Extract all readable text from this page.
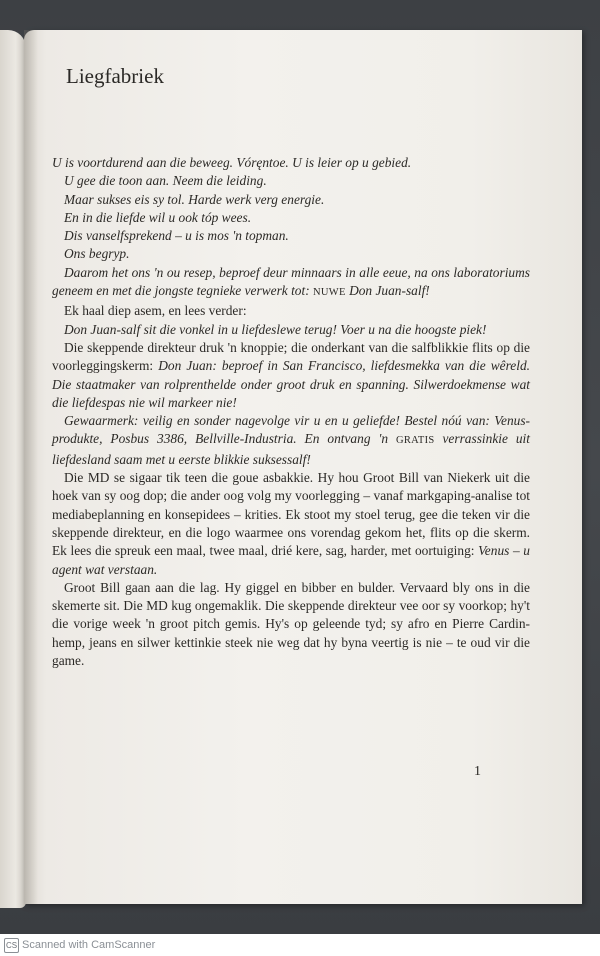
Liegfabriek

U is voortdurend aan die beweeg. Vóręntoe. U is leier op u gebied.

U gee die toon aan. Neem die leiding.

Maar sukses eis sy tol. Harde werk verg energie.

En in die liefde wil u ook tóp wees.

Dis vanselfsprekend – u is mos 'n topman.

Ons begryp.

Daarom het ons 'n ou resep, beproef deur minnaars in alle eeue, na ons laboratoriums geneem en met die jongste tegnieke verwerk tot: NUWE Don Juan-salf!

Ek haal diep asem, en lees verder:

Don Juan-salf sit die vonkel in u liefdeslewe terug! Voer u na die hoogste piek!

Die skeppende direkteur druk 'n knoppie; die onderkant van die salfblikkie flits op die voorleggingskerm: Don Juan: beproef in San Francisco, liefdesmekka van die wêreld. Die staatmaker van rolprenthelde onder groot druk en spanning. Silwerdoekmense wat die liefdespas nie wil markeer nie!

Gewaarmerk: veilig en sonder nagevolge vir u en u geliefde! Bestel nóú van: Venus-produkte, Posbus 3386, Bellville-Industria. En ontvang 'n GRATIS verrassinkie uit liefdesland saam met u eerste blikkie suksessalf!

Die MD se sigaar tik teen die goue asbakkie. Hy hou Groot Bill van Niekerk uit die hoek van sy oog dop; die ander oog volg my voorlegging – vanaf markgaping-analise tot mediabeplanning en konsepidees – krities. Ek stoot my stoel terug, gee die teken vir die skeppende direkteur, en die logo waarmee ons vorendag gekom het, flits op die skerm. Ek lees die spreuk een maal, twee maal, drié kere, sag, harder, met oortuiging: Venus – u agent wat verstaan.

Groot Bill gaan aan die lag. Hy giggel en bibber en bulder. Vervaard bly ons in die skemerte sit. Die MD kug ongemaklik. Die skeppende direkteur vee oor sy voorkop; hy't die vorige week 'n groot pitch gemis. Hy's op geleende tyd; sy afro en Pierre Cardin-hemp, jeans en silwer kettinkie steek nie weg dat hy byna veertig is nie – te oud vir die game.

1
CS Scanned with CamScanner
